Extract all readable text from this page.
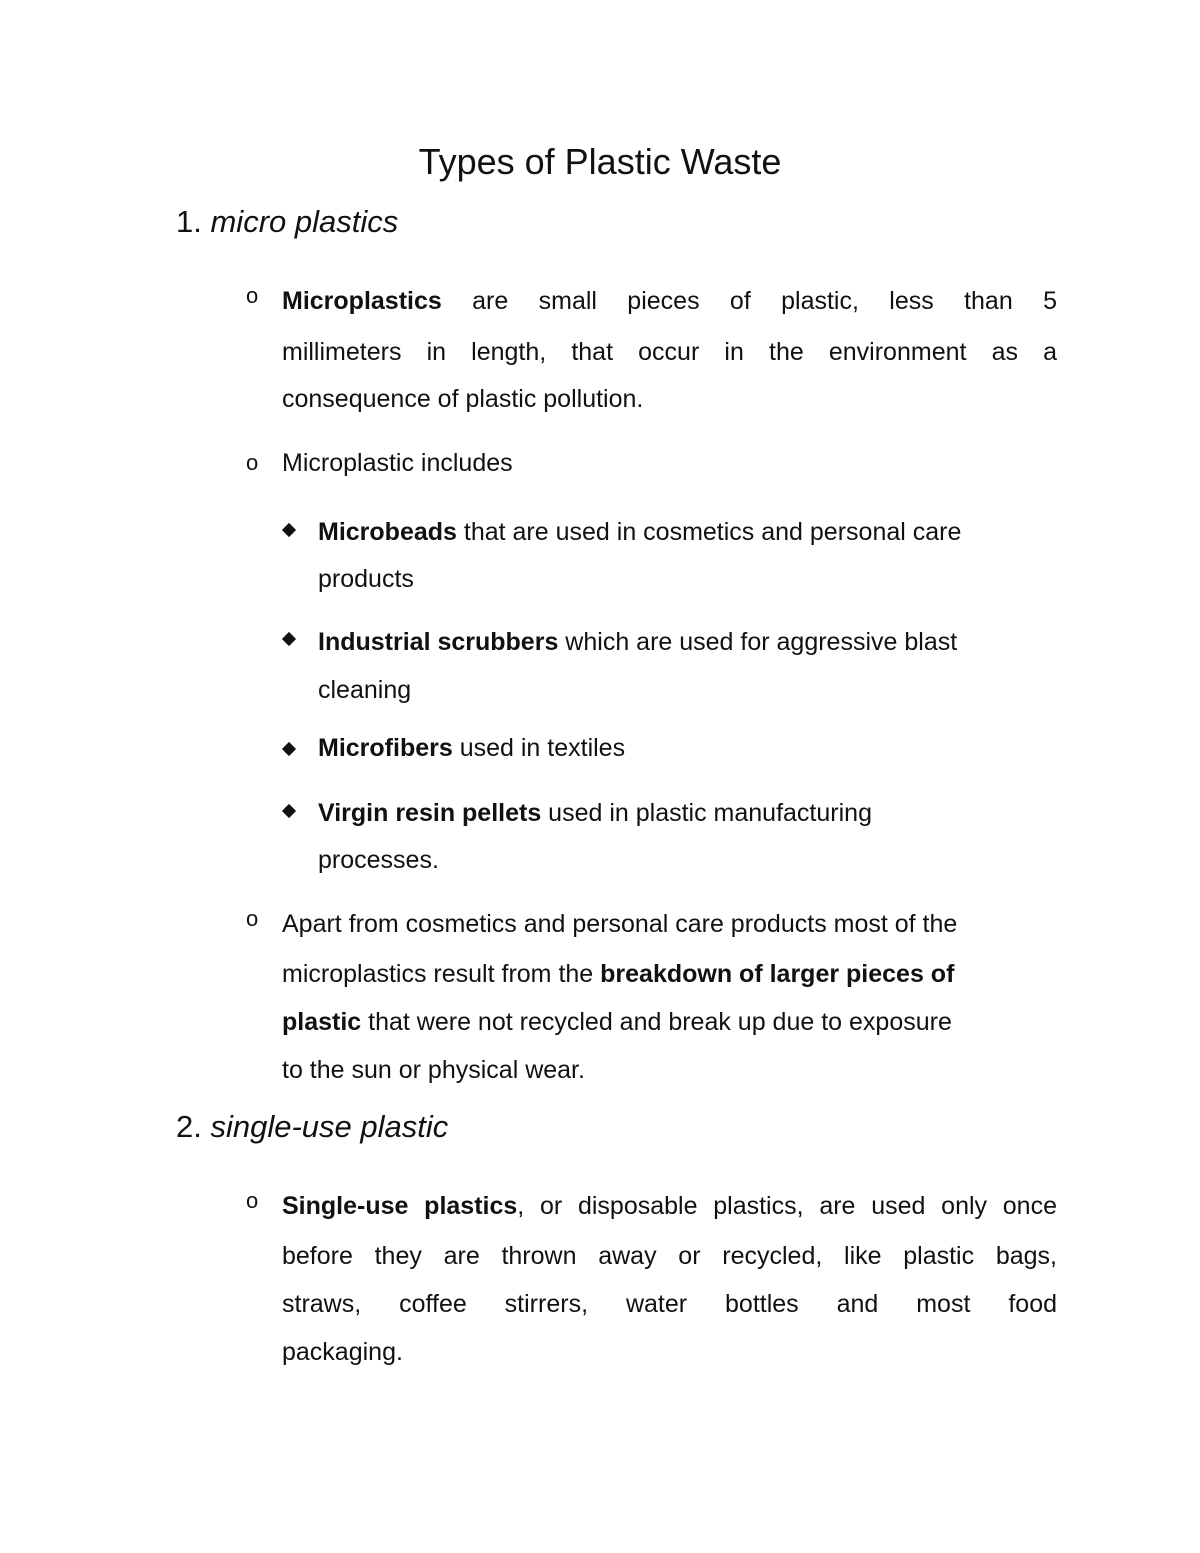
Types of Plastic Waste
1. micro plastics
o Microplastics are small pieces of plastic, less than 5
millimeters in length, that occur in the environment as a
consequence of plastic pollution.
o Microplastic includes
Microbeads that are used in cosmetics and personal care
products
Industrial scrubbers which are used for aggressive blast
cleaning
Microfibers used in textiles
Virgin resin pellets used in plastic manufacturing
processes.
o Apart from cosmetics and personal care products most of the
microplastics result from the breakdown of larger pieces of
plastic that were not recycled and break up due to exposure
to the sun or physical wear.
2. single-use plastic
o Single-use plastics, or disposable plastics, are used only once
before they are thrown away or recycled, like plastic bags,
straws, coffee stirrers, water bottles and most food
packaging.
